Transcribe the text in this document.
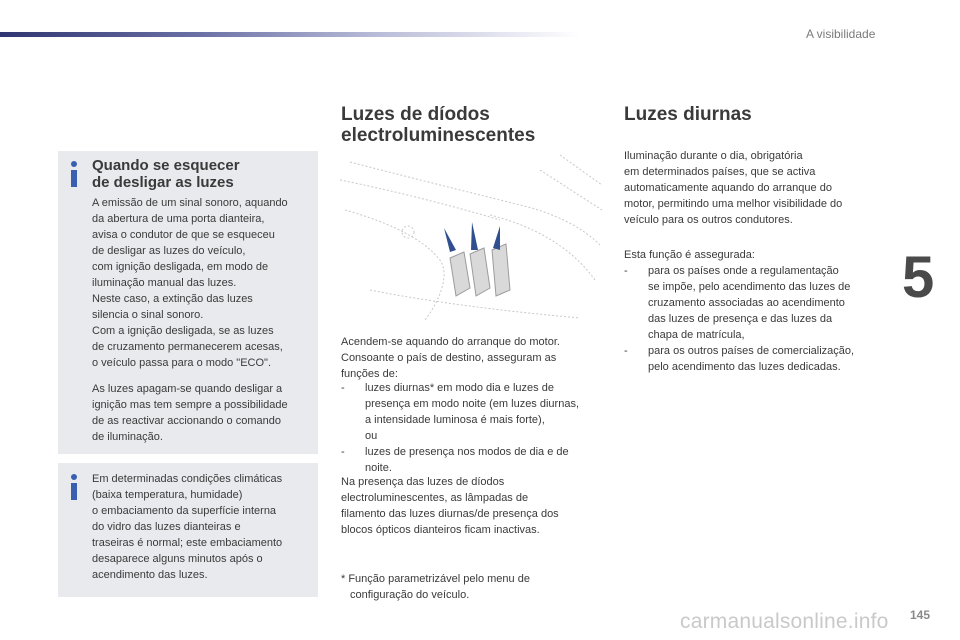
A visibilidade
5
Quando se esquecer
de desligar as luzes

A emissão de um sinal sonoro, aquando
da abertura de uma porta dianteira,
avisa o condutor de que se esqueceu
de desligar as luzes do veículo,
com ignição desligada, em modo de
iluminação manual das luzes.
Neste caso, a extinção das luzes
silencia o sinal sonoro.
Com a ignição desligada, se as luzes
de cruzamento permanecerem acesas,
o veículo passa para o modo "ECO".

As luzes apagam-se quando desligar a
ignição mas tem sempre a possibilidade
de as reactivar accionando o comando
de iluminação.

Em determinadas condições climáticas
(baixa temperatura, humidade)
o embaciamento da superfície interna
do vidro das luzes dianteiras e
traseiras é normal; este embaciamento
desaparece alguns minutos após o
acendimento das luzes.

Luzes de díodos
electroluminescentes

Acendem-se aquando do arranque do motor.
Consoante o país de destino, asseguram as
funções de:

- luzes diurnas* em modo dia e luzes de
presença em modo noite (em luzes diurnas,
a intensidade luminosa é mais forte),
ou
- luzes de presença nos modos de dia e de
noite.

Na presença das luzes de díodos
electroluminescentes, as lâmpadas de
filamento das luzes diurnas/de presença dos
blocos ópticos dianteiros ficam inactivas.

* Função parametrizável pelo menu de
configuração do veículo.

Luzes diurnas

Iluminação durante o dia, obrigatória
em determinados países, que se activa
automaticamente aquando do arranque do
motor, permitindo uma melhor visibilidade do
veículo para os outros condutores.

Esta função é assegurada:

- para os países onde a regulamentação
se impõe, pelo acendimento das luzes de
cruzamento associadas ao acendimento
das luzes de presença e das luzes da
chapa de matrícula,
- para os outros países de comercialização,
pelo acendimento das luzes dedicadas.
carmanualsonline.info 145
